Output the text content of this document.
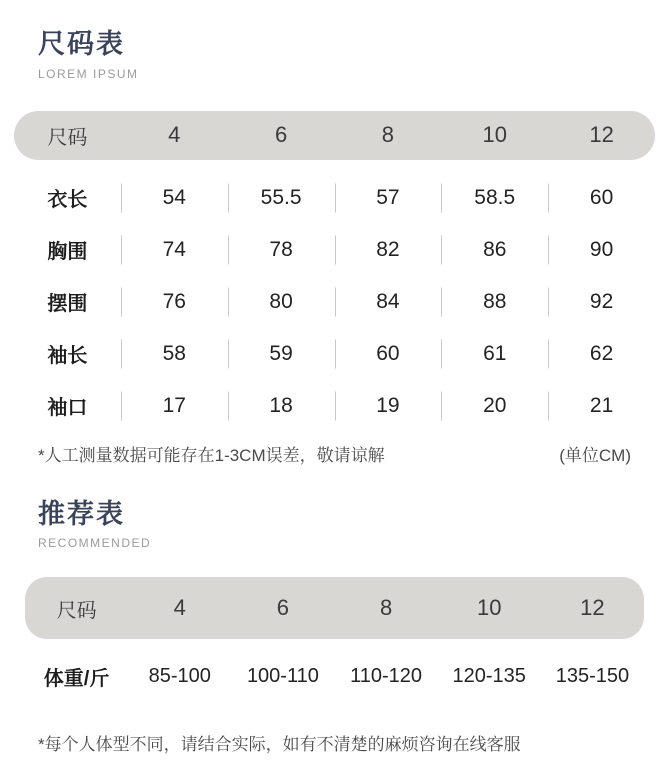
尺码表
LOREM IPSUM
尺码	4	6	8	10	12
衣长	54	55.5	57	58.5	60
胸围	74	78	82	86	90
摆围	76	80	84	88	92
袖长	58	59	60	61	62
袖口	17	18	19	20	21
*人工测量数据可能存在1-3CM误差，敬请谅解	(单位CM)
推荐表
RECOMMENDED
尺码	4	6	8	10	12
体重/斤	85-100	100-110	110-120	120-135	135-150
*每个人体型不同，请结合实际，如有不清楚的麻烦咨询在线客服
